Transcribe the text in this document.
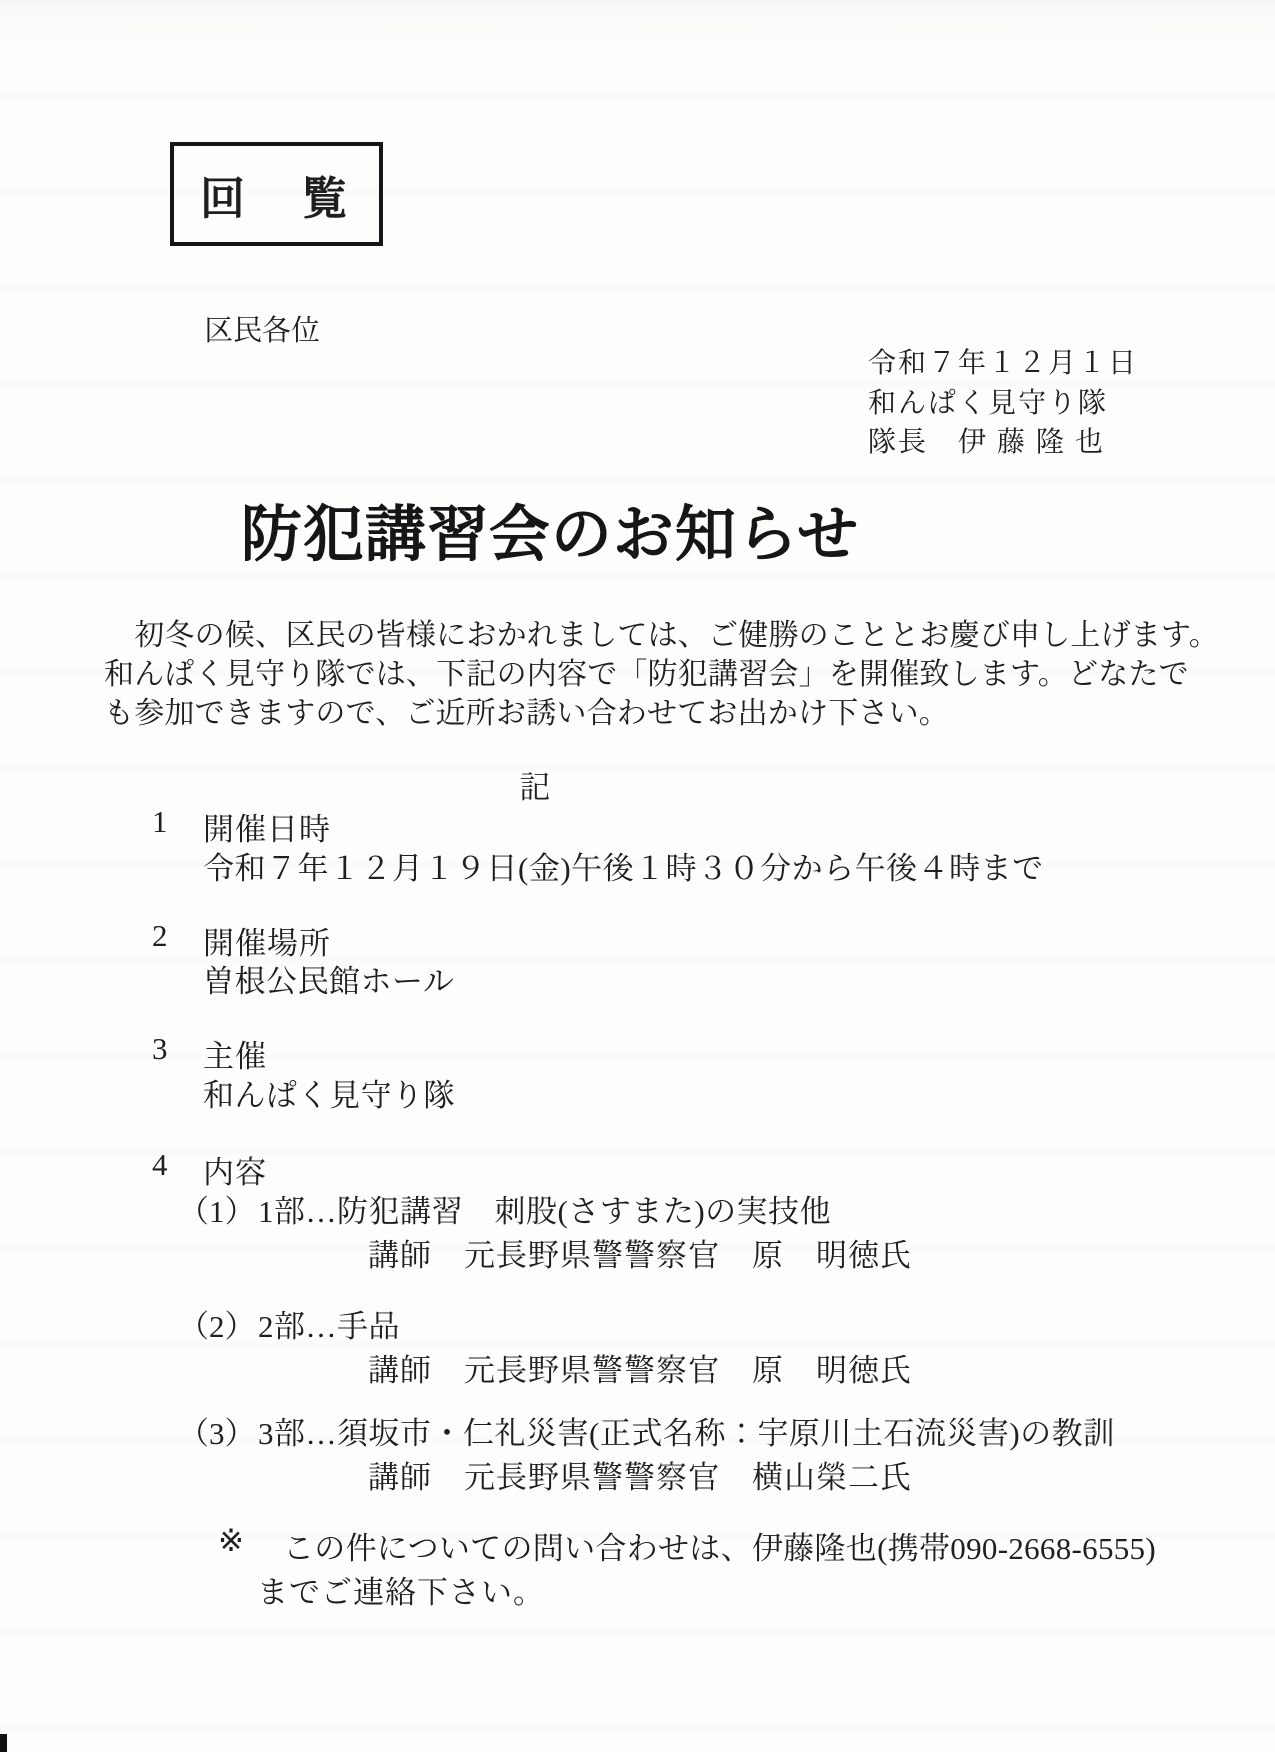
回　覧
区民各位
令和７年１２月１日
和んぱく見守り隊
隊長　伊 藤 隆 也
防犯講習会のお知らせ
　初冬の候、区民の皆様におかれましては、ご健勝のこととお慶び申し上げます。
和んぱく見守り隊では、下記の内容で「防犯講習会」を開催致します。どなたで
も参加できますので、ご近所お誘い合わせてお出かけ下さい。
記
1 開催日時
令和７年１２月１９日(金)午後１時３０分から午後４時まで
2 開催場所
曽根公民館ホール
3 主催
和んぱく見守り隊
4 内容
（1） 1部…防犯講習　刺股(さすまた)の実技他
講師　元長野県警警察官　原　明徳氏
（2） 2部…手品
講師　元長野県警警察官　原　明徳氏
（3） 3部…須坂市・仁礼災害(正式名称：宇原川土石流災害)の教訓
講師　元長野県警警察官　横山榮二氏
※ この件についての問い合わせは、伊藤隆也(携帯090-2668-6555)
までご連絡下さい。
